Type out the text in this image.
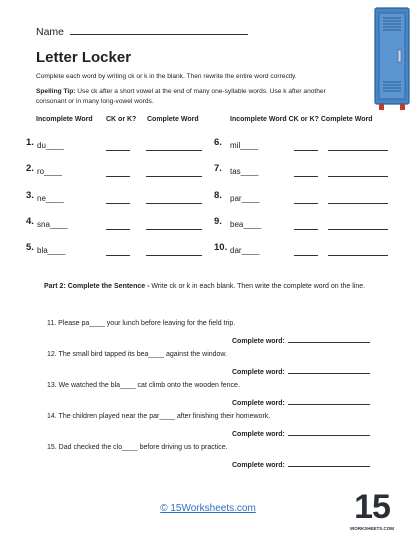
Name
Letter Locker
Complete each word by writing ck or k in the blank. Then rewrite the entire word correctly.
Spelling Tip: Use ck after a short vowel at the end of many one-syllable words. Use k after another consonant or in many long-vowel words.
Incomplete Word CK or K? Complete Word	Incomplete Word CK or K? Complete Word
1. du____
2. ro____
3. ne____
4. sna____
5. bla____
6. mil____
7. tas____
8. par____
9. bea____
10. dar____
Part 2: Complete the Sentence - Write ck or k in each blank. Then write the complete word on the line.
11. Please pa____ your lunch before leaving for the field trip.
Complete word:
12. The small bird tapped its bea____ against the window.
Complete word:
13. We watched the bla____ cat climb onto the wooden fence.
Complete word:
14. The children played near the par____ after finishing their homework.
Complete word:
15. Dad checked the clo____ before driving us to practice.
Complete word:
© 15Worksheets.com	15
WORKSHEETS.COM
